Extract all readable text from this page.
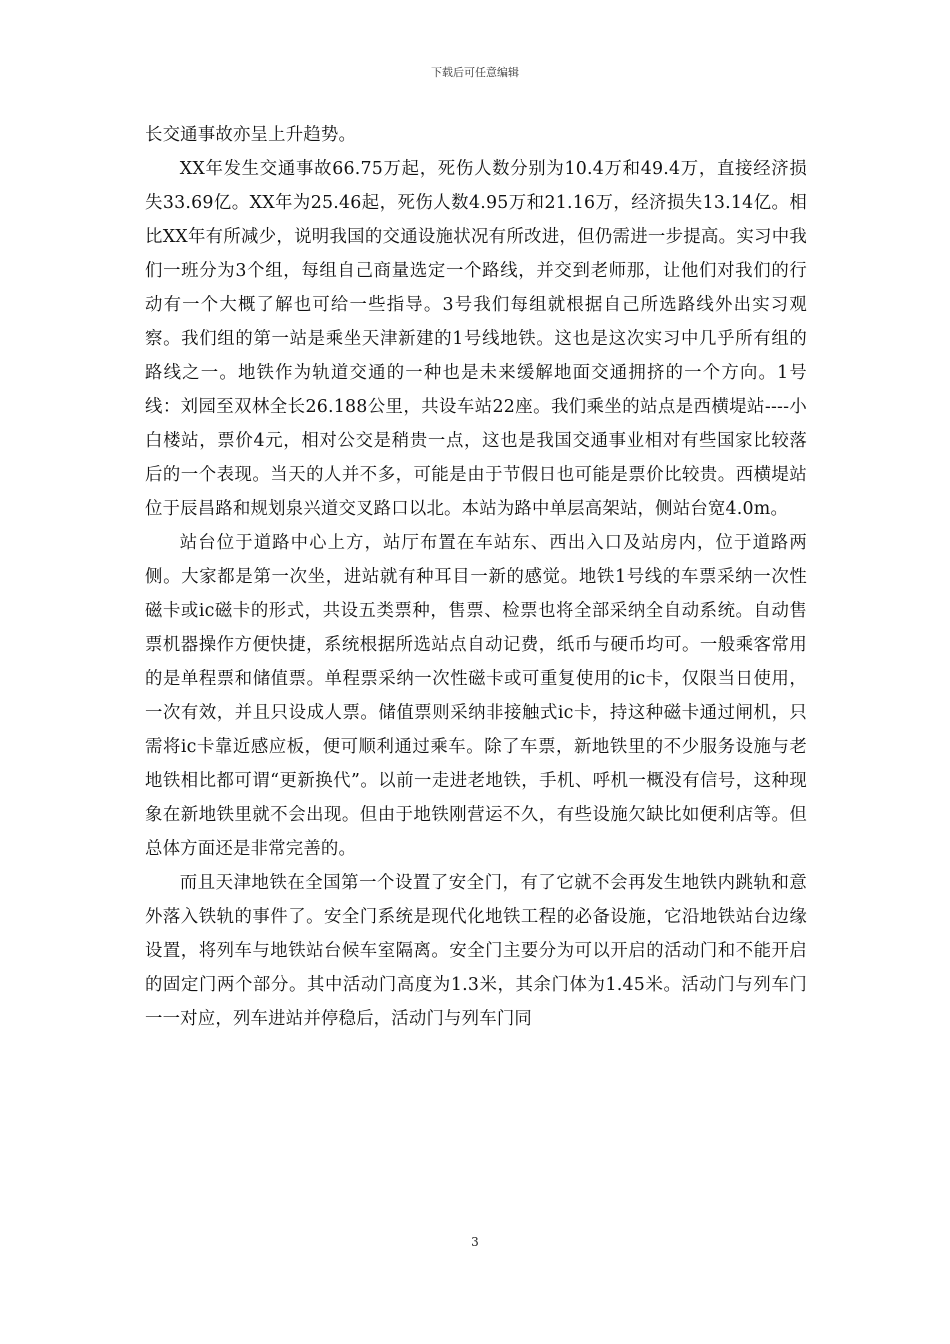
下载后可任意编辑

长交通事故亦呈上升趋势。

XX年发生交通事故66.75万起，死伤人数分别为10.4万和49.4万，直接经济损失33.69亿。XX年为25.46起，死伤人数4.95万和21.16万，经济损失13.14亿。相比XX年有所减少，说明我国的交通设施状况有所改进，但仍需进一步提高。实习中我们一班分为3个组，每组自己商量选定一个路线，并交到老师那，让他们对我们的行动有一个大概了解也可给一些指导。3号我们每组就根据自己所选路线外出实习观察。我们组的第一站是乘坐天津新建的1号线地铁。这也是这次实习中几乎所有组的路线之一。地铁作为轨道交通的一种也是未来缓解地面交通拥挤的一个方向。1号线：刘园至双林全长26.188公里，共设车站22座。我们乘坐的站点是西横堤站----小白楼站，票价4元，相对公交是稍贵一点，这也是我国交通事业相对有些国家比较落后的一个表现。当天的人并不多，可能是由于节假日也可能是票价比较贵。西横堤站位于辰昌路和规划泉兴道交叉路口以北。本站为路中单层高架站，侧站台宽4.0m。

站台位于道路中心上方，站厅布置在车站东、西出入口及站房内，位于道路两侧。大家都是第一次坐，进站就有种耳目一新的感觉。地铁1号线的车票采纳一次性磁卡或ic磁卡的形式，共设五类票种，售票、检票也将全部采纳全自动系统。自动售票机器操作方便快捷，系统根据所选站点自动记费，纸币与硬币均可。一般乘客常用的是单程票和储值票。单程票采纳一次性磁卡或可重复使用的ic卡，仅限当日使用，一次有效，并且只设成人票。储值票则采纳非接触式ic卡，持这种磁卡通过闸机，只需将ic卡靠近感应板，便可顺利通过乘车。除了车票，新地铁里的不少服务设施与老地铁相比都可谓“更新换代”。以前一走进老地铁，手机、呼机一概没有信号，这种现象在新地铁里就不会出现。但由于地铁刚营运不久，有些设施欠缺比如便利店等。但总体方面还是非常完善的。

而且天津地铁在全国第一个设置了安全门，有了它就不会再发生地铁内跳轨和意外落入铁轨的事件了。安全门系统是现代化地铁工程的必备设施，它沿地铁站台边缘设置，将列车与地铁站台候车室隔离。安全门主要分为可以开启的活动门和不能开启的固定门两个部分。其中活动门高度为1.3米，其余门体为1.45米。活动门与列车门一一对应，列车进站并停稳后，活动门与列车门同

3
